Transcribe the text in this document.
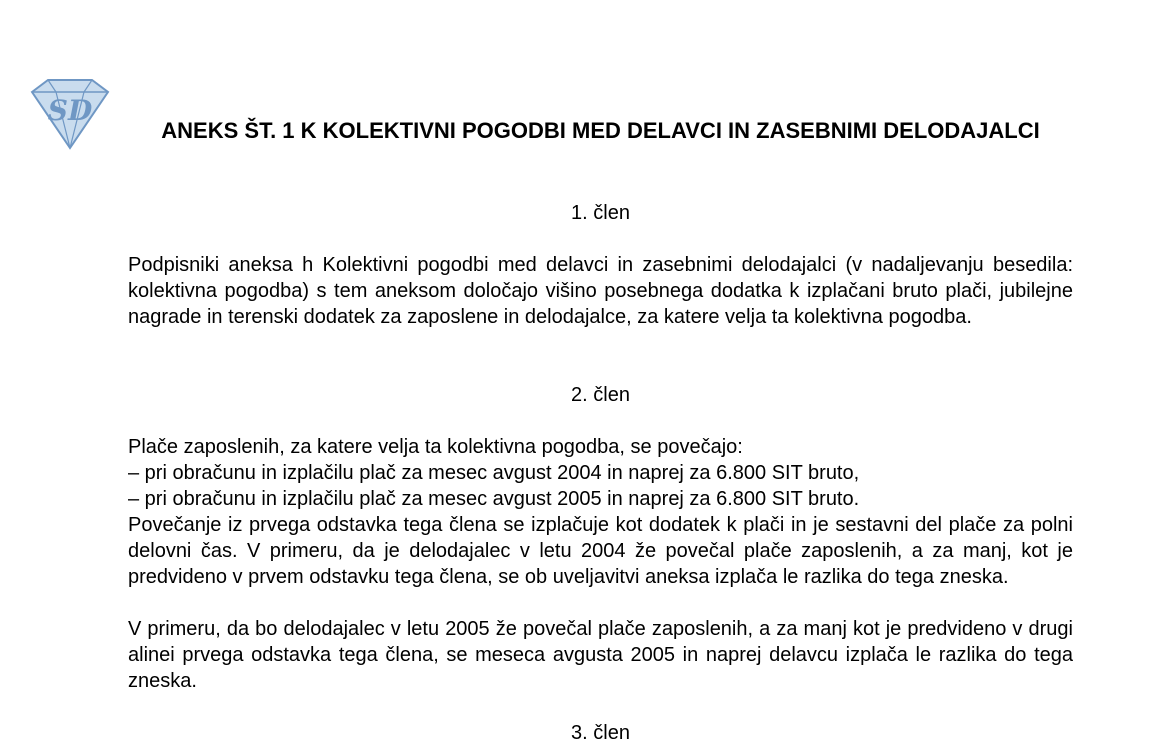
SD
ANEKS ŠT. 1 K KOLEKTIVNI POGODBI MED DELAVCI IN ZASEBNIMI DELODAJALCI

1. člen

Podpisniki aneksa h Kolektivni pogodbi med delavci in zasebnimi delodajalci (v nadaljevanju besedila: kolektivna pogodba) s tem aneksom določajo višino posebnega dodatka k izplačani bruto plači, jubilejne nagrade in terenski dodatek za zaposlene in delodajalce, za katere velja ta kolektivna pogodba.

2. člen

Plače zaposlenih, za katere velja ta kolektivna pogodba, se povečajo:
– pri obračunu in izplačilu plač za mesec avgust 2004 in naprej za 6.800 SIT bruto,
– pri obračunu in izplačilu plač za mesec avgust 2005 in naprej za 6.800 SIT bruto.

Povečanje iz prvega odstavka tega člena se izplačuje kot dodatek k plači in je sestavni del plače za polni delovni čas. V primeru, da je delodajalec v letu 2004 že povečal plače zaposlenih, a za manj, kot je predvideno v prvem odstavku tega člena, se ob uveljavitvi aneksa izplača le razlika do tega zneska.

V primeru, da bo delodajalec v letu 2005 že povečal plače zaposlenih, a za manj kot je predvideno v drugi alinei prvega odstavka tega člena, se meseca avgusta 2005 in naprej delavcu izplača le razlika do tega zneska.

3. člen
